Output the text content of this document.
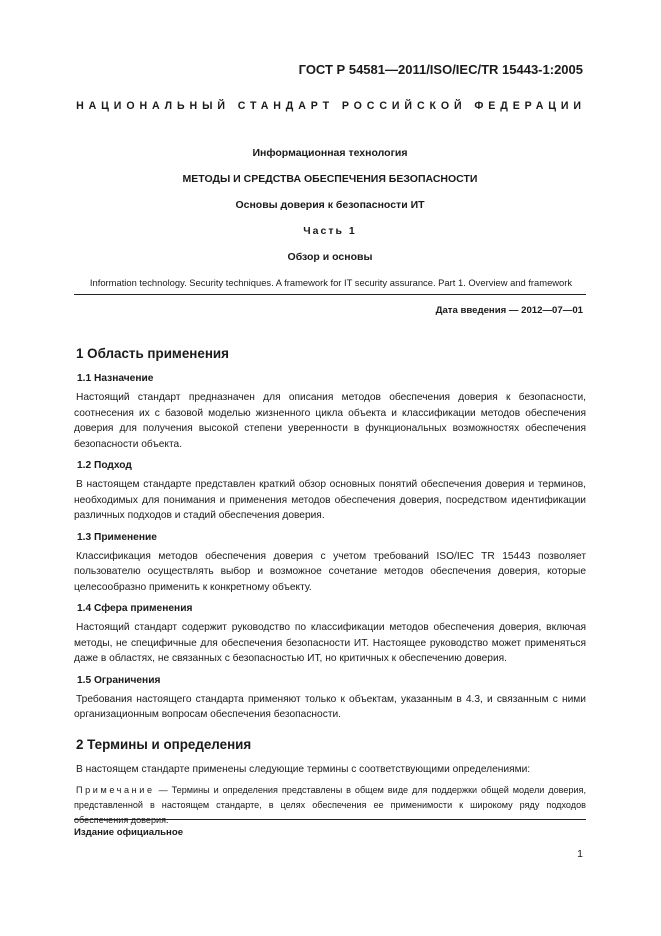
ГОСТ Р 54581—2011/ISO/IEC/TR 15443-1:2005
НАЦИОНАЛЬНЫЙ СТАНДАРТ РОССИЙСКОЙ ФЕДЕРАЦИИ
Информационная технология
МЕТОДЫ И СРЕДСТВА ОБЕСПЕЧЕНИЯ БЕЗОПАСНОСТИ
Основы доверия к безопасности ИТ
Часть 1
Обзор и основы
Information technology. Security techniques. A framework for IT security assurance. Part 1. Overview and framework
Дата введения — 2012—07—01
1 Область применения
1.1 Назначение

Настоящий стандарт предназначен для описания методов обеспечения доверия к безопасности, соотнесения их с базовой моделью жизненного цикла объекта и классификации методов обеспечения доверия для получения высокой степени уверенности в функциональных возможностях обеспечения безопасности объекта.

1.2 Подход

В настоящем стандарте представлен краткий обзор основных понятий обеспечения доверия и терминов, необходимых для понимания и применения методов обеспечения доверия, посредством идентификации различных подходов и стадий обеспечения доверия.

1.3 Применение

Классификация методов обеспечения доверия с учетом требований ISO/IEC TR 15443 позволяет пользователю осуществлять выбор и возможное сочетание методов обеспечения доверия, которые целесообразно применить к конкретному объекту.

1.4 Сфера применения

Настоящий стандарт содержит руководство по классификации методов обеспечения доверия, включая методы, не специфичные для обеспечения безопасности ИТ. Настоящее руководство может применяться даже в областях, не связанных с безопасностью ИТ, но критичных к обеспечению доверия.

1.5 Ограничения

Требования настоящего стандарта применяют только к объектам, указанным в 4.3, и связанным с ними организационным вопросам обеспечения безопасности.

2 Термины и определения

В настоящем стандарте применены следующие термины с соответствующими определениями:

Примечание — Термины и определения представлены в общем виде для поддержки общей модели доверия, представленной в настоящем стандарте, в целях обеспечения ее применимости к широкому ряду подходов обеспечения доверия.

Издание официальное
1
